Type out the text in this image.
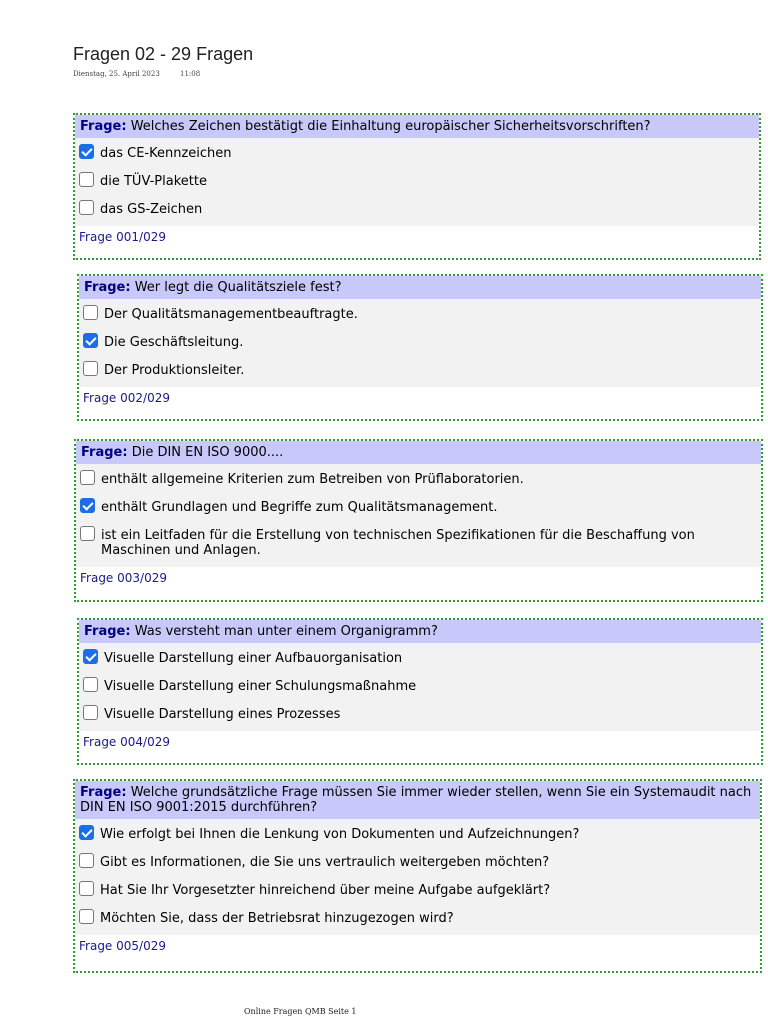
Fragen 02 - 29 Fragen
Dienstag, 25. April 2023	11:08
Frage : Welches Zeichen bestätigt die Einhaltung europäischer Sicherheitsvorschriften?
das CE-Kennzeichen
die TÜV-Plakette
das GS-Zeichen
Frage 001/029
Frage : Wer legt die Qualitätsziele fest?
Der Qualitätsmanagementbeauftragte.
Die Geschäftsleitung.
Der Produktionsleiter.
Frage 002/029
Frage : Die DIN EN ISO 9000....
enthält allgemeine Kriterien zum Betreiben von Prüflaboratorien.
enthält Grundlagen und Begriffe zum Qualitätsmanagement.
ist ein Leitfaden für die Erstellung von technischen Spezifikationen für die Beschaffung von Maschinen und Anlagen.
Frage 003/029
Frage : Was versteht man unter einem Organigramm?
Visuelle Darstellung einer Aufbauorganisation
Visuelle Darstellung einer Schulungsmaßnahme
Visuelle Darstellung eines Prozesses
Frage 004/029
Frage : Welche grundsätzliche Frage müssen Sie immer wieder stellen, wenn Sie ein Systemaudit nach DIN EN ISO 9001:2015 durchführen?
Wie erfolgt bei Ihnen die Lenkung von Dokumenten und Aufzeichnungen?
Gibt es Informationen, die Sie uns vertraulich weitergeben möchten?
Hat Sie Ihr Vorgesetzter hinreichend über meine Aufgabe aufgeklärt?
Möchten Sie, dass der Betriebsrat hinzugezogen wird?
Frage 005/029
Online Fragen QMB Seite 1
